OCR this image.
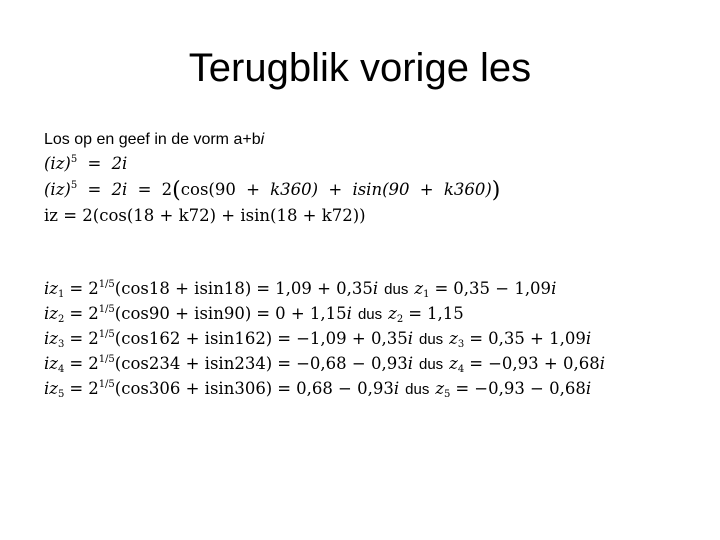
Terugblik vorige les
Los op en geef in de vorm a+bi
(iz)$^5$ = 2i
(iz)$^5$ = 2i = 2(cos(90 + k360) + isin(90 + k360))
iz = 2(cos(18 + k72) + isin(18 + k72))
$iz_1 = 2^{1/5}(\cos 18 + isin18) = 1,09 + 0,35i$ dus $z_1 = 0,35 - 1,09i$
$iz_2 = 2^{1/5}(\cos 90 + isin90) = 0 + 1,15i$ dus $z_2 = 1,15$
$iz_3 = 2^{1/5}(\cos 162 + isin162) = -1,09 + 0,35i$ dus $z_3 = 0,35 + 1,09i$
$iz_4 = 2^{1/5}(\cos 234 + isin234) = -0,68 - 0,93i$ dus $z_4 = -0,93 + 0,68i$
$iz_5 = 2^{1/5}(\cos 306 + isin306) = 0,68 - 0,93i$ dus $z_5 = -0,93 - 0,68i$
